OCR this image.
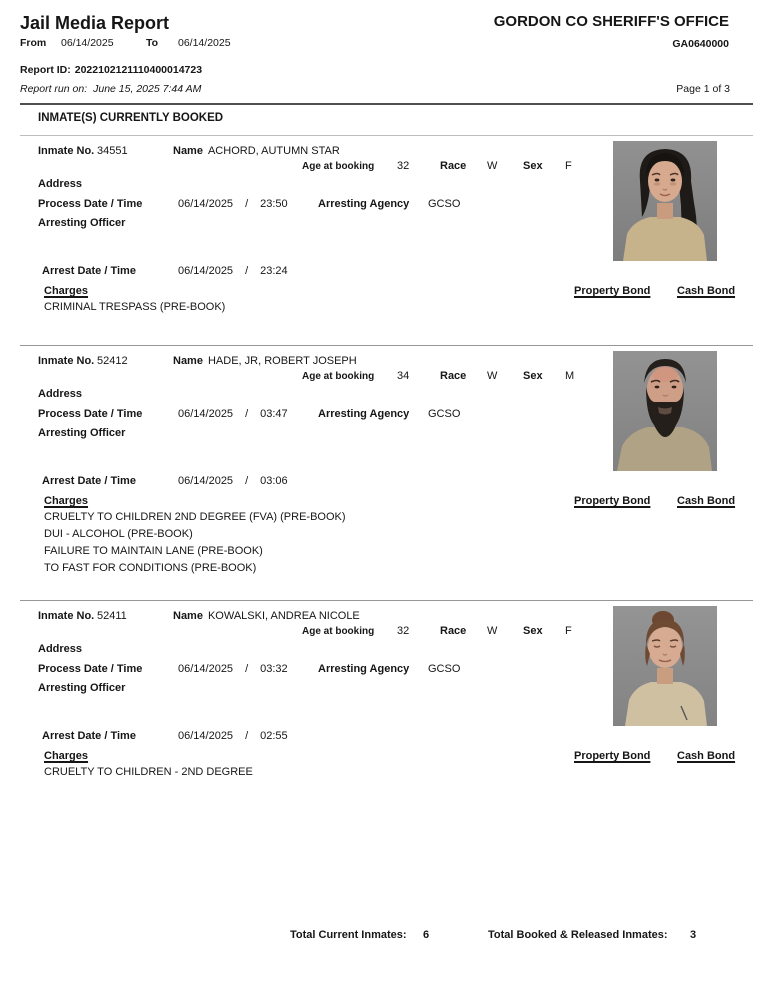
Jail Media Report	GORDON CO SHERIFF'S OFFICE
From	06/14/2025	To	06/14/2025	GA0640000
Report ID: 2022102121110400014723
Report run on: June 15, 2025 7:44 AM	Page 1 of 3
INMATE(S) CURRENTLY BOOKED
Inmate No. 34551	Name ACHORD, AUTUMN STAR
Age at booking	32	Race	W	Sex	F
Address
Process Date / Time	06/14/2025 / 23:50	Arresting Agency	GCSO
Arresting Officer
Arrest Date / Time	06/14/2025 / 23:24
Charges	Property Bond Cash Bond
CRIMINAL TRESPASS (PRE-BOOK)
Inmate No. 52412	Name HADE, JR, ROBERT JOSEPH
Age at booking	34	Race	W	Sex	M
Address
Process Date / Time	06/14/2025 / 03:47	Arresting Agency	GCSO
Arresting Officer
Arrest Date / Time	06/14/2025 / 03:06
Charges	Property Bond Cash Bond
CRUELTY TO CHILDREN 2ND DEGREE (FVA) (PRE-BOOK)
DUI - ALCOHOL (PRE-BOOK)
FAILURE TO MAINTAIN LANE (PRE-BOOK)
TO FAST FOR CONDITIONS (PRE-BOOK)
Inmate No. 52411	Name KOWALSKI, ANDREA NICOLE
Age at booking	32	Race	W	Sex	F
Address
Process Date / Time	06/14/2025 / 03:32	Arresting Agency	GCSO
Arresting Officer
Arrest Date / Time	06/14/2025 / 02:55
Charges	Property Bond Cash Bond
CRUELTY TO CHILDREN - 2ND DEGREE
Total Current Inmates:	6	Total Booked & Released Inmates:	3
